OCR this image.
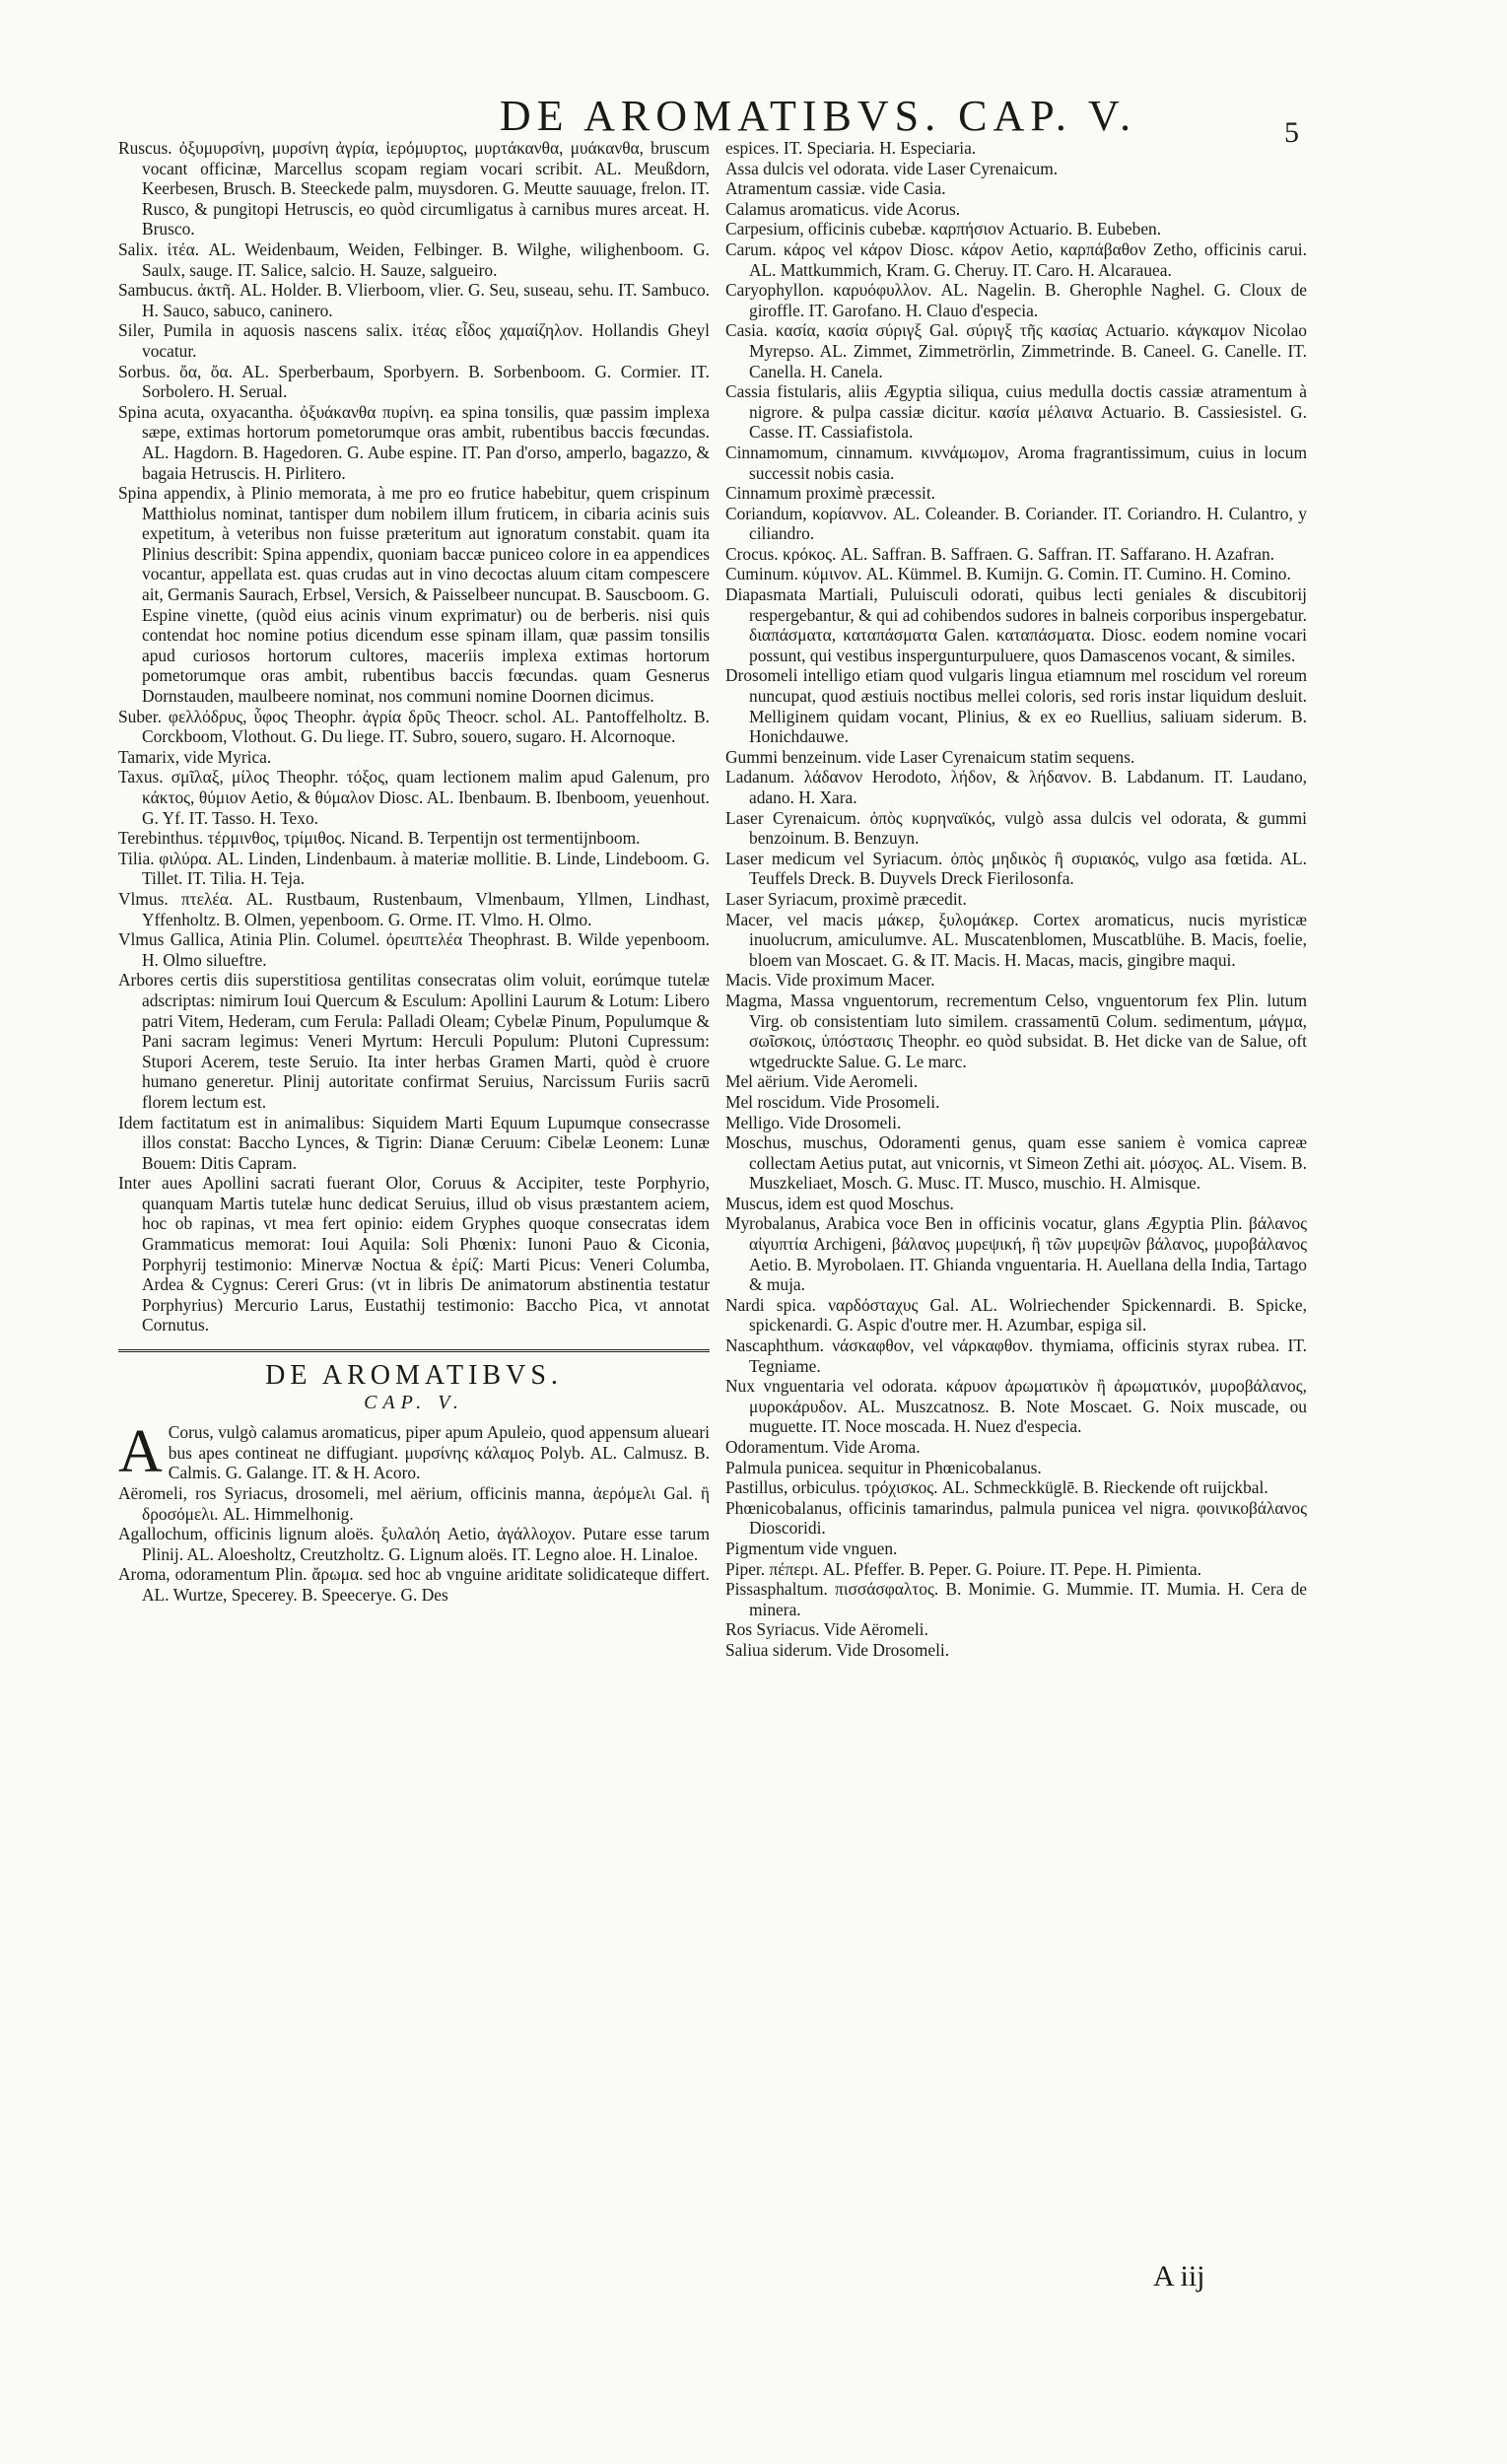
DE AROMATIBVS. CAP. V.	5

Ruscus. ὀξυμυρσίνη, μυρσίνη ἀγρία, ἱερόμυρτος, μυρτάκανθα, μυάκανθα, bruscum vocant officinæ, Marcellus scopam regiam vocari scribit. AL. Meußdorn, Keerbesen, Brusch. B. Steeckede palm, muysdoren. G. Meutte sauuage, frelon. IT. Rusco, & pungitopi Hetruscis, eo quòd circumligatus à carnibus mures arceat. H. Brusco.

Salix. ἰτέα. AL. Weidenbaum, Weiden, Felbinger. B. Wilghe, wilighenboom. G. Saulx, sauge. IT. Salice, salcio. H. Sauze, salgueiro.

Sambucus. ἀκτῆ. AL. Holder. B. Vlierboom, vlier. G. Seu, suseau, sehu. IT. Sambuco. H. Sauco, sabuco, caninero.

Siler, Pumila in aquosis nascens salix. ἰτέας εἶδος χαμαίζηλον. Hollandis Gheyl vocatur.

Sorbus. ὄα, ὄα. AL. Sperberbaum, Sporbyern. B. Sorbenboom. G. Cormier. IT. Sorbolero. H. Serual.

Spina acuta, oxyacantha. ὀξυάκανθα πυρίνη. ea spina tonsilis, quæ passim implexa sæpe, extimas hortorum pometorumque oras ambit, rubentibus baccis fœcundas. AL. Hagdorn. B. Hagedoren. G. Aube espine. IT. Pan d'orso, amperlo, bagazzo, & bagaia Hetruscis. H. Pirlitero.

Spina appendix, à Plinio memorata, à me pro eo frutice habebitur, quem crispinum Matthiolus nominat, tantisper dum nobilem illum fruticem, in cibaria acinis suis expetitum, à veteribus non fuisse præteritum aut ignoratum constabit. quam ita Plinius describit: Spina appendix, quoniam baccæ puniceo colore in ea appendices vocantur, appellata est. quas crudas aut in vino decoctas aluum citam compescere ait, Germanis Saurach, Erbsel, Versich, & Paisselbeer nuncupat. B. Sauscboom. G. Espine vinette, (quòd eius acinis vinum exprimatur) ou de berberis. nisi quis contendat hoc nomine potius dicendum esse spinam illam, quæ passim tonsilis apud curiosos hortorum cultores, maceriis implexa extimas hortorum pometorumque oras ambit, rubentibus baccis fœcundas. quam Gesnerus Dornstauden, maulbeere nominat, nos communi nomine Doornen dicimus.

Suber. φελλόδρυς, ὗφος Theophr. ἀγρία δρῦς Theocr. schol. AL. Pantoffelholtz. B. Corckboom, Vlothout. G. Du liege. IT. Subro, souero, sugaro. H. Alcornoque.

Tamarix, vide Myrica.

Taxus. σμῖλαξ, μίλος Theophr. τόξος, quam lectionem malim apud Galenum, pro κάκτος, θύμιον Aetio, & θύμαλον Diosc. AL. Ibenbaum. B. Ibenboom, yeuenhout. G. Yf. IT. Tasso. H. Texo.

Terebinthus. τέρμινθος, τρίμιθος. Nicand. B. Terpentijn ost termentijnboom.

Tilia. φιλύρα. AL. Linden, Lindenbaum. à materiæ mollitie. B. Linde, Lindeboom. G. Tillet. IT. Tilia. H. Teja.

Vlmus. πτελέα. AL. Rustbaum, Rustenbaum, Vlmenbaum, Yllmen, Lindhast, Yffenholtz. B. Olmen, yepenboom. G. Orme. IT. Vlmo. H. Olmo.

Vlmus Gallica, Atinia Plin. Columel. ὀρειπτελέα Theophrast. B. Wilde yepenboom. H. Olmo silueftre.

Arbores certis diis superstitiosa gentilitas consecratas olim voluit, eorúmque tutelæ adscriptas: nimirum Ioui Quercum & Esculum: Apollini Laurum & Lotum: Libero patri Vitem, Hederam, cum Ferula: Palladi Oleam; Cybelæ Pinum, Populumque & Pani sacram legimus: Veneri Myrtum: Herculi Populum: Plutoni Cupressum: Stupori Acerem, teste Seruio. Ita inter herbas Gramen Marti, quòd è cruore humano generetur. Plinij autoritate confirmat Seruius, Narcissum Furiis sacrū florem lectum est.

Idem factitatum est in animalibus: Siquidem Marti Equum Lupumque consecrasse illos constat: Baccho Lynces, & Tigrin: Dianæ Ceruum: Cibelæ Leonem: Lunæ Bouem: Ditis Capram.

Inter aues Apollini sacrati fuerant Olor, Coruus & Accipiter, teste Porphyrio, quanquam Martis tutelæ hunc dedicat Seruius, illud ob visus præstantem aciem, hoc ob rapinas, vt mea fert opinio: eidem Gryphes quoque consecratas idem Grammaticus memorat: Ioui Aquila: Soli Phœnix: Iunoni Pauo & Ciconia, Porphyrij testimonio: Minervæ Noctua & ἐρίζ: Marti Picus: Veneri Columba, Ardea & Cygnus: Cereri Grus: (vt in libris De animatorum abstinentia testatur Porphyrius) Mercurio Larus, Eustathij testimonio: Baccho Pica, vt annotat Cornutus.

DE AROMATIBVS.
CAP. V.

A Corus, vulgò calamus aromaticus, piper apum Apuleio, quod appensum alueari bus apes contineat ne diffugiant. μυρσίνης κάλαμος Polyb. AL. Calmusz. B. Calmis. G. Galange. IT. & H. Acoro.

Aëromeli, ros Syriacus, drosomeli, mel aërium, officinis manna, ἀερόμελι Gal. ἢ δροσόμελι. AL. Himmelhonig.

Agallochum, officinis lignum aloës. ξυλαλόη Aetio, ἀγάλλοχον. Putare esse tarum Plinij. AL. Aloesholtz, Creutzholtz. G. Lignum aloës. IT. Legno aloe. H. Linaloe.

Aroma, odoramentum Plin. ἄρωμα. sed hoc ab vnguine ariditate solidicateque differt. AL. Wurtze, Specerey. B. Speecerye. G. Des

espices. IT. Speciaria. H. Especiaria.

Assa dulcis vel odorata. vide Laser Cyrenaicum.

Atramentum cassiæ. vide Casia.

Calamus aromaticus. vide Acorus.

Carpesium, officinis cubebæ. καρπήσιον Actuario. B. Eubeben.

Carum. κάρος vel κάρον Diosc. κάρον Aetio, καρπάβαθον Zetho, officinis carui. AL. Mattkummich, Kram. G. Cheruy. IT. Caro. H. Alcarauea.

Caryophyllon. καρυόφυλλον. AL. Nagelin. B. Gherophle Naghel. G. Cloux de giroffle. IT. Garofano. H. Clauo d'especia.

Casia. κασία, κασία σύριγξ Gal. σύριγξ τῆς κασίας Actuario. κάγκαμον Nicolao Myrepso. AL. Zimmet, Zimmetrörlin, Zimmetrinde. B. Caneel. G. Canelle. IT. Canella. H. Canela.

Cassia fistularis, aliis Ægyptia siliqua, cuius medulla doctis cassiæ atramentum à nigrore. & pulpa cassiæ dicitur. κασία μέλαινα Actuario. B. Cassiesistel. G. Casse. IT. Cassiafistola.

Cinnamomum, cinnamum. κιννάμωμον, Aroma fragrantissimum, cuius in locum successit nobis casia.

Cinnamum proximè præcessit.

Coriandum, κορίαννον. AL. Coleander. B. Coriander. IT. Coriandro. H. Culantro, y ciliandro.

Crocus. κρόκος. AL. Saffran. B. Saffraen. G. Saffran. IT. Saffarano. H. Azafran.

Cuminum. κύμινον. AL. Kümmel. B. Kumijn. G. Comin. IT. Cumino. H. Comino.

Diapasmata Martiali, Puluisculi odorati, quibus lecti geniales & discubitorij respergebantur, & qui ad cohibendos sudores in balneis corporibus inspergebatur. διαπάσματα, καταπάσματα Galen. καταπάσματα. Diosc. eodem nomine vocari possunt, qui vestibus inspergunturpuluere, quos Damascenos vocant, & similes.

Drosomeli intelligo etiam quod vulgaris lingua etiamnum mel roscidum vel roreum nuncupat, quod æstiuis noctibus mellei coloris, sed roris instar liquidum desluit. Melliginem quidam vocant, Plinius, & ex eo Ruellius, saliuam siderum. B. Honichdauwe.

Gummi benzeinum. vide Laser Cyrenaicum statim sequens.

Ladanum. λάδανον Herodoto, λήδον, & λήδανον. B. Labdanum. IT. Laudano, adano. H. Xara.

Laser Cyrenaicum. ὀπὸς κυρηναϊκός, vulgò assa dulcis vel odorata, & gummi benzoinum. B. Benzuyn.

Laser medicum vel Syriacum. ὀπὸς μηδικὸς ἢ συριακός, vulgo asa fœtida. AL. Teuffels Dreck. B. Duyvels Dreck Fierilosonfa.

Laser Syriacum, proximè præcedit.

Macer, vel macis μάκερ, ξυλομάκερ. Cortex aromaticus, nucis myristicæ inuolucrum, amiculumve. AL. Muscatenblomen, Muscatblühe. B. Macis, foelie, bloem van Moscaet. G. & IT. Macis. H. Macas, macis, gingibre maqui.

Macis. Vide proximum Macer.

Magma, Massa vnguentorum, recrementum Celso, vnguentorum fex Plin. lutum Virg. ob consistentiam luto similem. crassamentū Colum. sedimentum, μάγμα, σωῖσκοις, ὑπόστασις Theophr. eo quòd subsidat. B. Het dicke van de Salue, oft wtgedruckte Salue. G. Le marc.

Mel aërium. Vide Aeromeli.

Mel roscidum. Vide Prosomeli.

Melligo. Vide Drosomeli.

Moschus, muschus, Odoramenti genus, quam esse saniem è vomica capreæ collectam Aetius putat, aut vnicornis, vt Simeon Zethi ait. μόσχος. AL. Visem. B. Muszkeliaet, Mosch. G. Musc. IT. Musco, muschio. H. Almisque.

Muscus, idem est quod Moschus.

Myrobalanus, Arabica voce Ben in officinis vocatur, glans Ægyptia Plin. βάλανος αἰγυπτία Archigeni, βάλανος μυρεψική, ἢ τῶν μυρεψῶν βάλανος, μυροβάλανος Aetio. B. Myrobolaen. IT. Ghianda vnguentaria. H. Auellana della India, Tartago & muja.

Nardi spica. ναρδόσταχυς Gal. AL. Wolriechender Spickennardi. B. Spicke, spickenardi. G. Aspic d'outre mer. H. Azumbar, espiga sil.

Nascaphthum. νάσκαφθον, vel νάρκαφθον. thymiama, officinis styrax rubea. IT. Tegniame.

Nux vnguentaria vel odorata. κάρυον ἀρωματικὸν ἢ ἀρωματικόν, μυροβάλανος, μυροκάρυδον. AL. Muszcatnosz. B. Note Moscaet. G. Noix muscade, ou muguette. IT. Noce moscada. H. Nuez d'especia.

Odoramentum. Vide Aroma.

Palmula punicea. sequitur in Phœnicobalanus.

Pastillus, orbiculus. τρόχισκος. AL. Schmeckküglē. B. Rieckende oft ruijckbal.

Phœnicobalanus, officinis tamarindus, palmula punicea vel nigra. φοινικοβάλανος Dioscoridi.

Pigmentum vide vnguen.

Piper. πέπερι. AL. Pfeffer. B. Peper. G. Poiure. IT. Pepe. H. Pimienta.

Pissasphaltum. πισσάσφαλτος. B. Monimie. G. Mummie. IT. Mumia. H. Cera de minera.

Ros Syriacus. Vide Aëromeli.

Saliua siderum. Vide Drosomeli.

A iij
